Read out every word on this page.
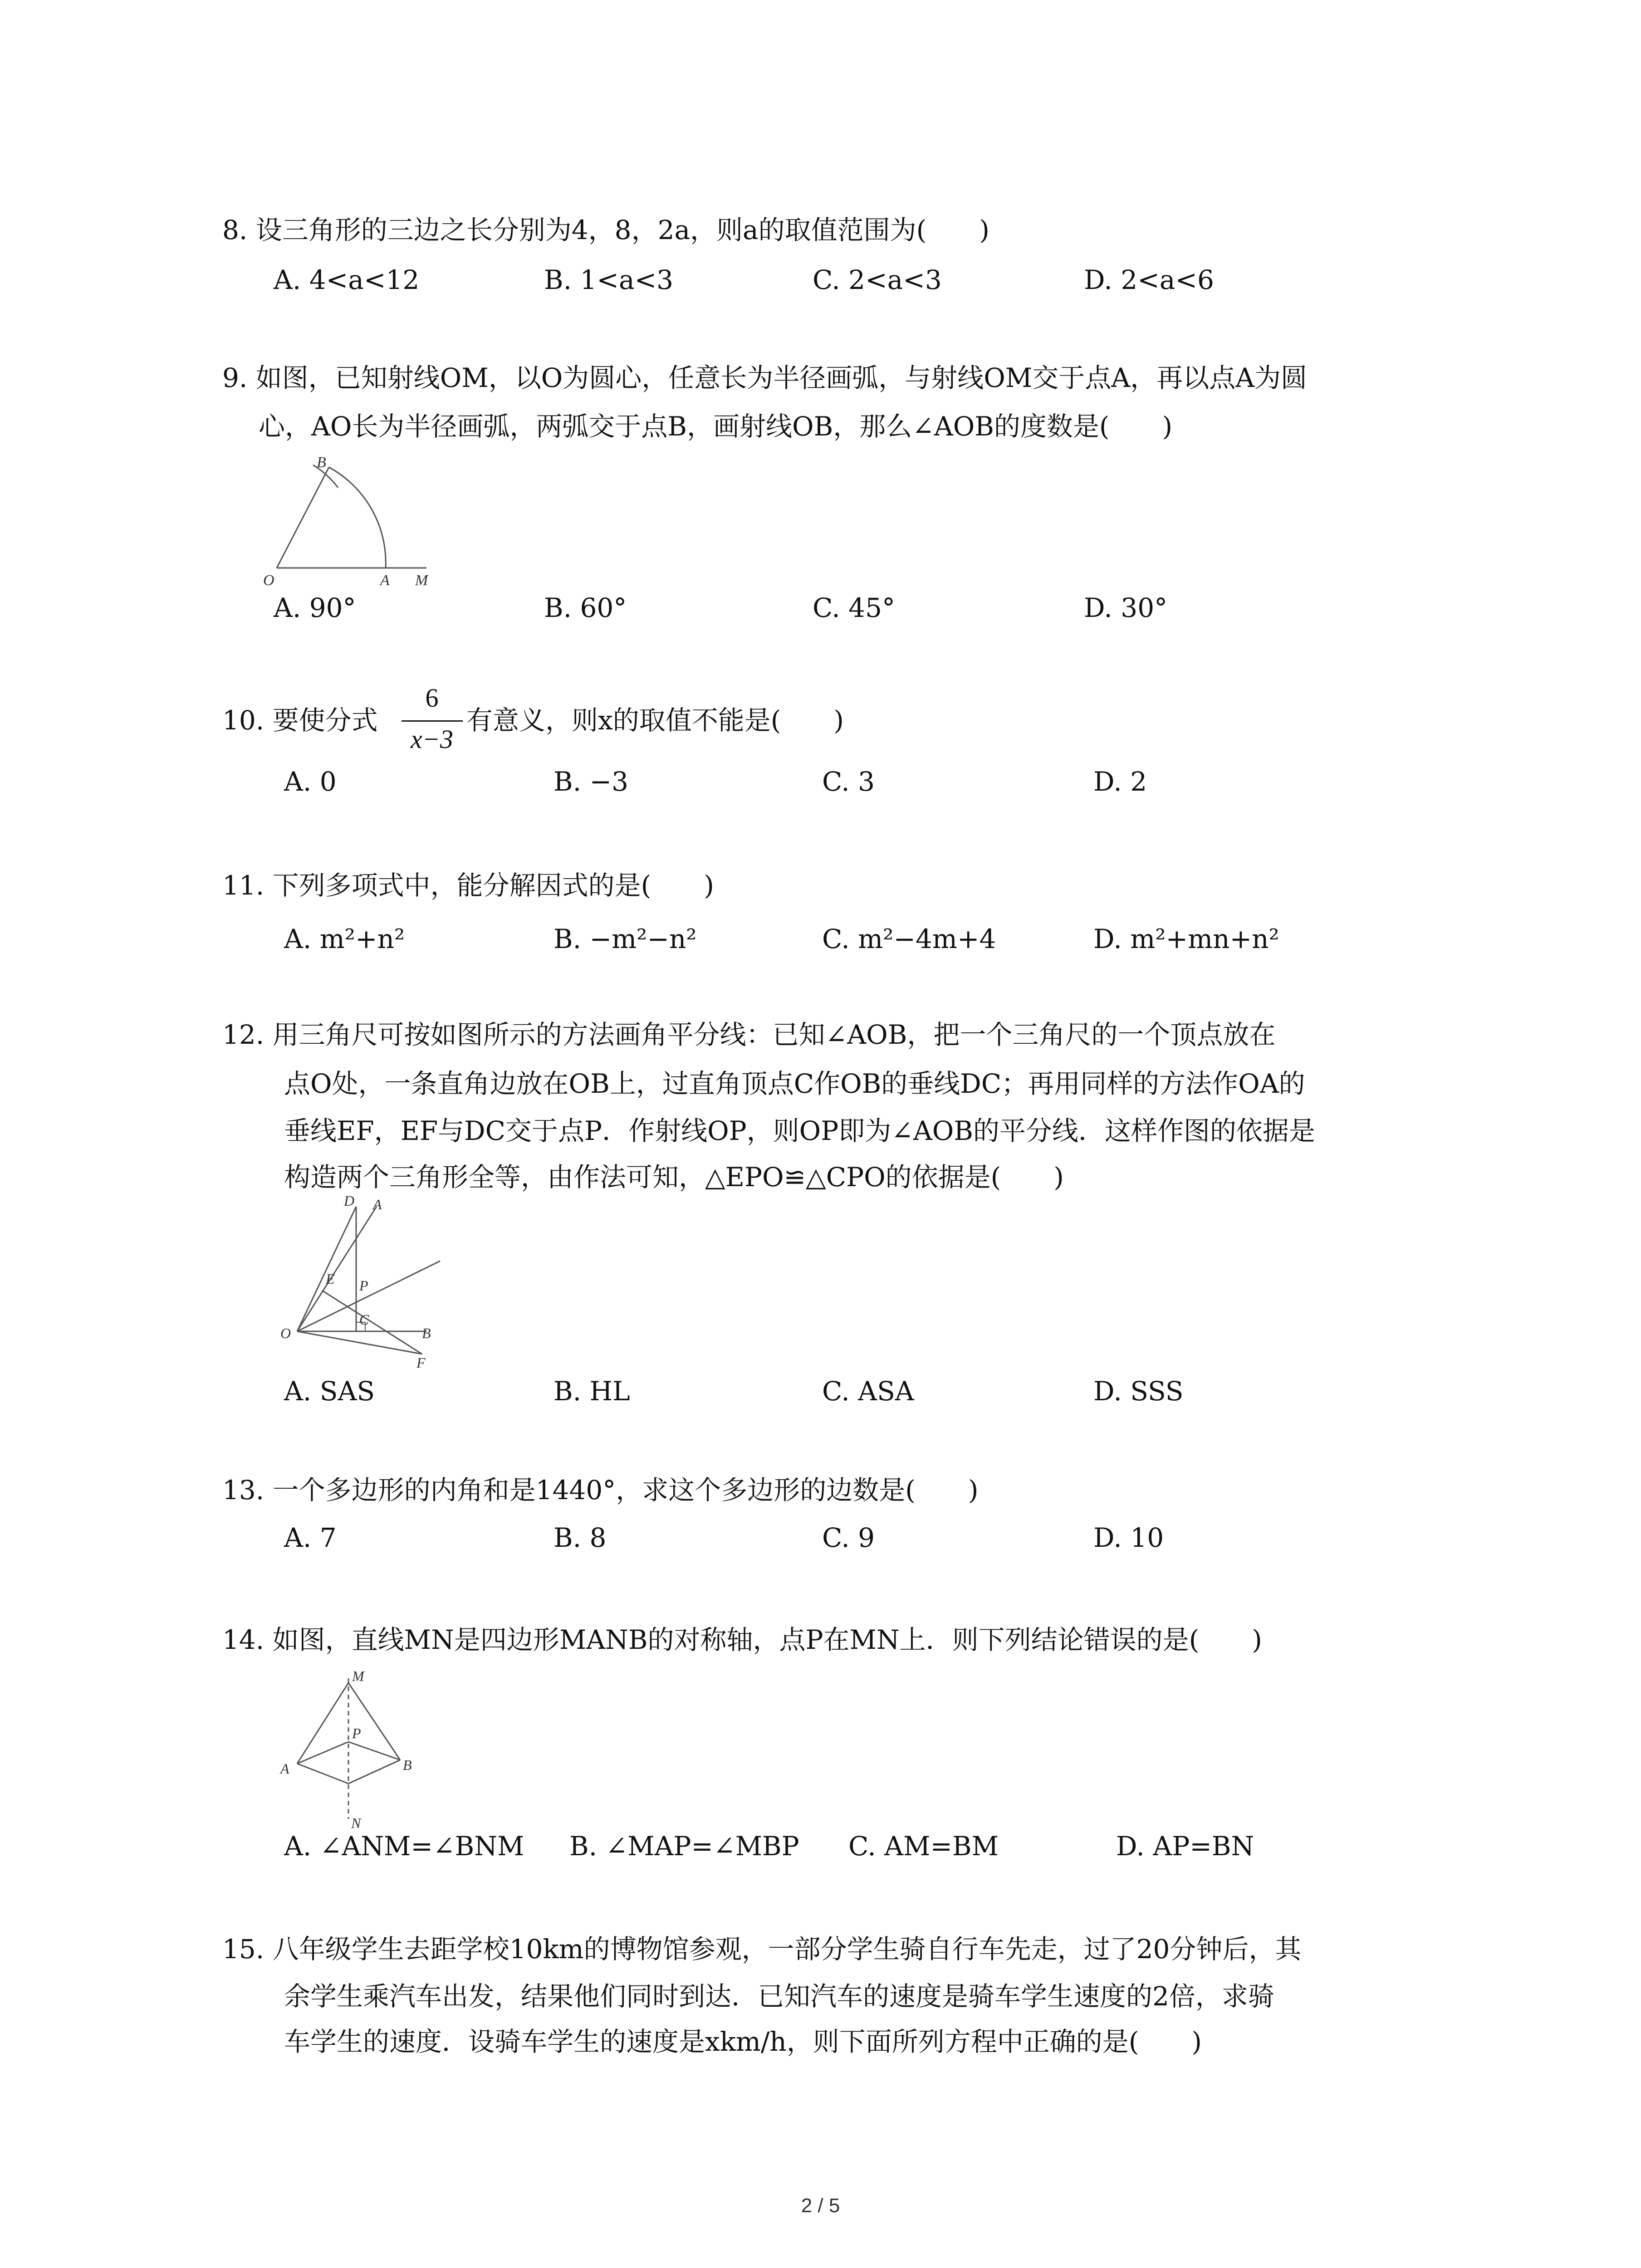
8. 设三角形的三边之长分别为4，8，2a，则a的取值范围为(　　)
A. 4<a<12	B. 1<a<3	C. 2<a<3	D. 2<a<6
9. 如图，已知射线OM，以O为圆心，任意长为半径画弧，与射线OM交于点A，再以点A为圆
心，AO长为半径画弧，两弧交于点B，画射线OB，那么∠AOB的度数是(　　)
B
O	A M
A. 90°	B. 60°	C. 45°	D. 30°
10. 要使分式
6
x−3
有意义，则x的取值不能是(　　)
A. 0	B. −3	C. 3	D. 2
11. 下列多项式中，能分解因式的是(　　)
A. m²+n²	B. −m²−n²	C. m²−4m+4	D. m²+mn+n²
12. 用三角尺可按如图所示的方法画角平分线：已知∠AOB，把一个三角尺的一个顶点放在
点O处，一条直角边放在OB上，过直角顶点C作OB的垂线DC；再用同样的方法作OA的
垂线EF，EF与DC交于点P．作射线OP，则OP即为∠AOB的平分线．这样作图的依据是
构造两个三角形全等，由作法可知，△EPO≌△CPO的依据是(　　)
D A
E P
C
O	B
F
A. SAS	B. HL	C. ASA	D. SSS
13. 一个多边形的内角和是1440°，求这个多边形的边数是(　　)
A. 7	B. 8	C. 9	D. 10
14. 如图，直线MN是四边形MANB的对称轴，点P在MN上．则下列结论错误的是(　　)
M
P
A	B
N
A. ∠ANM=∠BNM B. ∠MAP=∠MBP C. AM=BM	D. AP=BN
15. 八年级学生去距学校10km的博物馆参观，一部分学生骑自行车先走，过了20分钟后，其
余学生乘汽车出发，结果他们同时到达．已知汽车的速度是骑车学生速度的2倍，求骑
车学生的速度．设骑车学生的速度是xkm/h，则下面所列方程中正确的是(　　)
2 / 5
